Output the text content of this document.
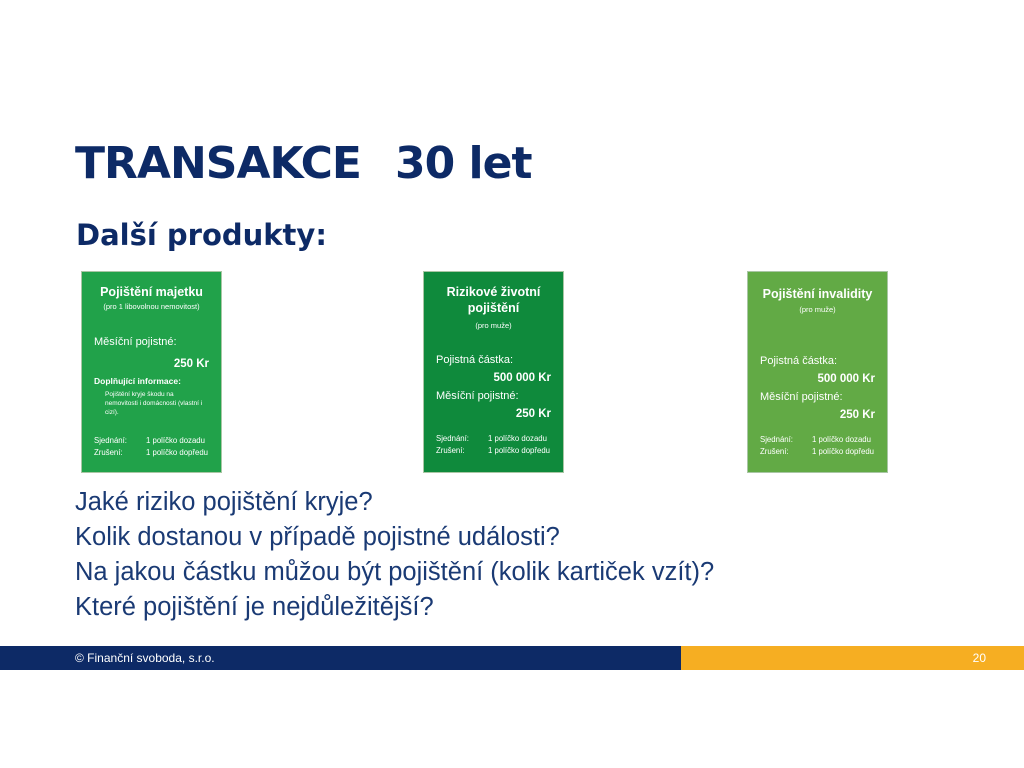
TRANSAKCE 30 let
Další produkty:
Pojištění majetku
(pro 1 libovolnou nemovitost)
Měsíční pojistné:
250 Kr
Doplňující informace:
Pojištění kryje škodu na nemovitosti i domácnosti (vlastní i cizí).
Sjednání: 1 políčko dozadu
Zrušení:	1 políčko dopředu
Rizikové životní
pojištění
(pro muže)
Pojistná částka:
500 000 Kr
Měsíční pojistné:
250 Kr
Sjednání: 1 políčko dozadu
Zrušení:	1 políčko dopředu
Pojištění invalidity
(pro muže)
Pojistná částka:
500 000 Kr
Měsíční pojistné:
250 Kr
Sjednání: 1 políčko dozadu
Zrušení:	1 políčko dopředu
Jaké riziko pojištění kryje?
Kolik dostanou v případě pojistné události?
Na jakou částku můžou být pojištění (kolik kartiček vzít)?
Které pojištění je nejdůležitější?
© Finanční svoboda, s.r.o.	20
